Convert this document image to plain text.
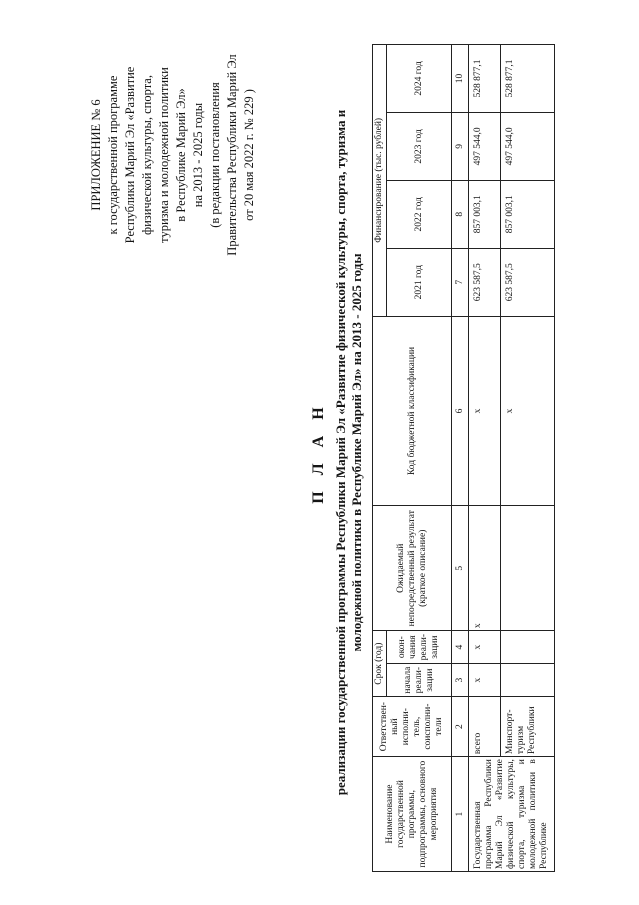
ПРИЛОЖЕНИЕ № 6 к государственной программе Республики Марий Эл «Развитие физической культуры, спорта, туризма и молодежной политики в Республике Марий Эл» на 2013 - 2025 годы (в редакции постановления Правительства Республики Марий Эл от 20 мая 2022 г. № 229 )
П Л А Н реализации государственной программы Республики Марий Эл «Развитие физической культуры, спорта, туризма и молодежной политики в Республике Марий Эл» на 2013 - 2025 годы
Наименование государственной программы, подпрограммы, основного мероприятия	Ответствен-ный исполни-тель, соисполни-тели	Срок (год)		Ожидаемый непосредственный результат (краткое описание)	Код бюджетной классификации	Финансирование (тыс. рублей)			
		начала реали-зации	окон-чания реали-зации			2021 год	2022 год	2023 год	2024 год
1	2	3	4	5	6	7	8	9	10
Государственная программа Республики Марий Эл «Развитие физической культуры, спорта, туризма и молодежной политики в Республике	всего	х	х	х	х	623 587,5	857 003,1	497 544,0	528 877,1
	Минспорт-туризм Республики				х	623 587,5	857 003,1	497 544,0	528 877,1
